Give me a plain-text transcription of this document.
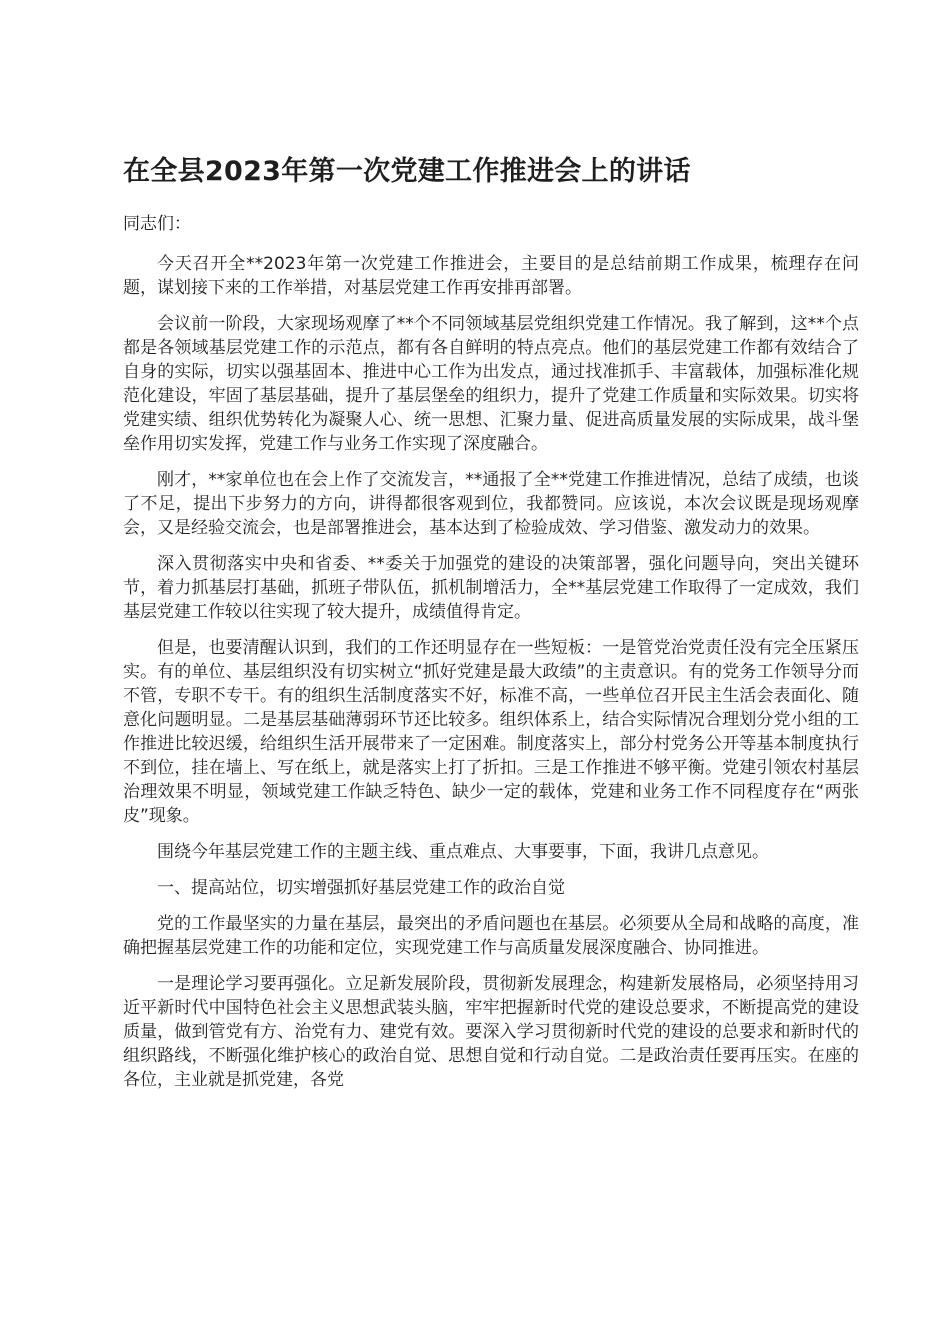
在全县2023年第一次党建工作推进会上的讲话

同志们：

今天召开全**2023年第一次党建工作推进会，主要目的是总结前期工作成果，梳理存在问题，谋划接下来的工作举措，对基层党建工作再安排再部署。

会议前一阶段，大家现场观摩了**个不同领域基层党组织党建工作情况。我了解到，这**个点都是各领域基层党建工作的示范点，都有各自鲜明的特点亮点。他们的基层党建工作都有效结合了自身的实际，切实以强基固本、推进中心工作为出发点，通过找准抓手、丰富载体，加强标准化规范化建设，牢固了基层基础，提升了基层堡垒的组织力，提升了党建工作质量和实际效果。切实将党建实绩、组织优势转化为凝聚人心、统一思想、汇聚力量、促进高质量发展的实际成果，战斗堡垒作用切实发挥，党建工作与业务工作实现了深度融合。

刚才，**家单位也在会上作了交流发言，**通报了全**党建工作推进情况，总结了成绩，也谈了不足，提出下步努力的方向，讲得都很客观到位，我都赞同。应该说，本次会议既是现场观摩会，又是经验交流会，也是部署推进会，基本达到了检验成效、学习借鉴、激发动力的效果。

深入贯彻落实中央和省委、**委关于加强党的建设的决策部署，强化问题导向，突出关键环节，着力抓基层打基础，抓班子带队伍，抓机制增活力，全**基层党建工作取得了一定成效，我们基层党建工作较以往实现了较大提升，成绩值得肯定。

但是，也要清醒认识到，我们的工作还明显存在一些短板：一是管党治党责任没有完全压紧压实。有的单位、基层组织没有切实树立“抓好党建是最大政绩”的主责意识。有的党务工作领导分而不管，专职不专干。有的组织生活制度落实不好，标准不高，一些单位召开民主生活会表面化、随意化问题明显。二是基层基础薄弱环节还比较多。组织体系上，结合实际情况合理划分党小组的工作推进比较迟缓，给组织生活开展带来了一定困难。制度落实上，部分村党务公开等基本制度执行不到位，挂在墙上、写在纸上，就是落实上打了折扣。三是工作推进不够平衡。党建引领农村基层治理效果不明显，领域党建工作缺乏特色、缺少一定的载体，党建和业务工作不同程度存在“两张皮”现象。

围绕今年基层党建工作的主题主线、重点难点、大事要事，下面，我讲几点意见。

一、提高站位，切实增强抓好基层党建工作的政治自觉

党的工作最坚实的力量在基层，最突出的矛盾问题也在基层。必须要从全局和战略的高度，准确把握基层党建工作的功能和定位，实现党建工作与高质量发展深度融合、协同推进。

一是理论学习要再强化。立足新发展阶段，贯彻新发展理念，构建新发展格局，必须坚持用习近平新时代中国特色社会主义思想武装头脑，牢牢把握新时代党的建设总要求，不断提高党的建设质量，做到管党有方、治党有力、建党有效。要深入学习贯彻新时代党的建设的总要求和新时代的组织路线，不断强化维护核心的政治自觉、思想自觉和行动自觉。二是政治责任要再压实。在座的各位，主业就是抓党建，各党
